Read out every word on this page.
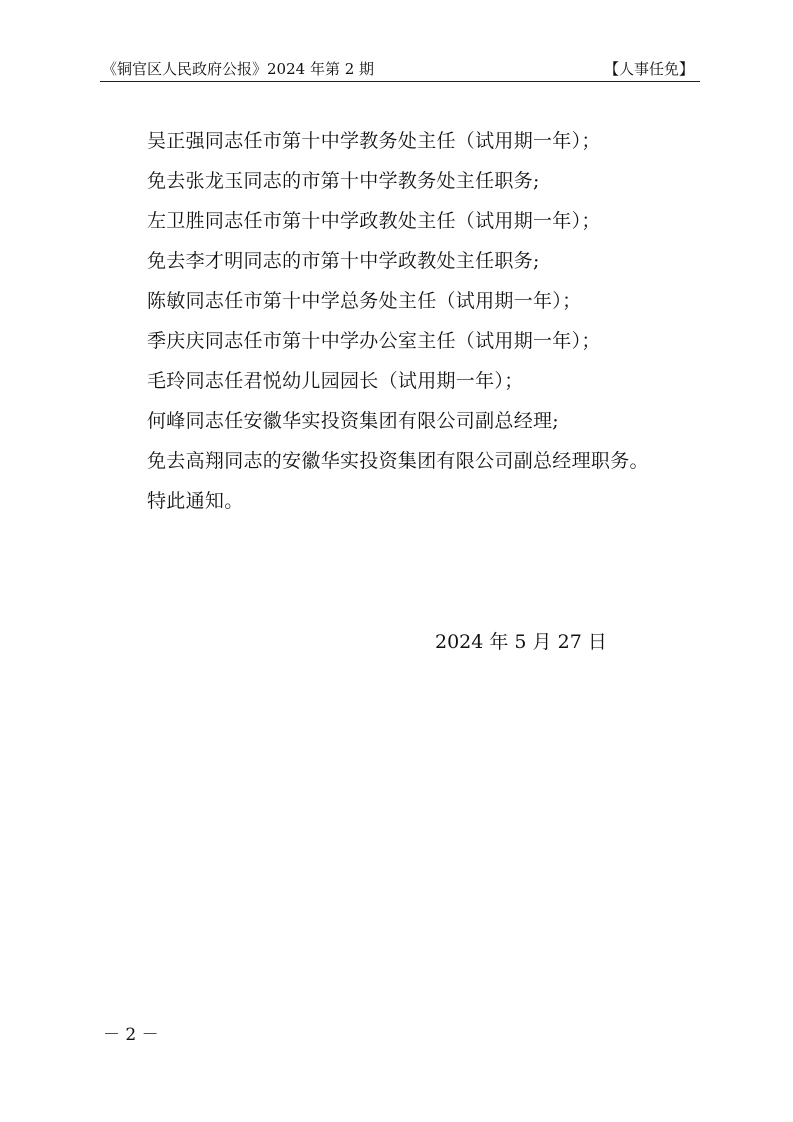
《铜官区人民政府公报》2024 年第 2 期	【人事任免】
吴正强同志任市第十中学教务处主任（试用期一年）；
免去张龙玉同志的市第十中学教务处主任职务;
左卫胜同志任市第十中学政教处主任（试用期一年）；
免去李才明同志的市第十中学政教处主任职务;
陈敏同志任市第十中学总务处主任（试用期一年）；
季庆庆同志任市第十中学办公室主任（试用期一年）；
毛玲同志任君悦幼儿园园长（试用期一年）；
何峰同志任安徽华实投资集团有限公司副总经理;
免去高翔同志的安徽华实投资集团有限公司副总经理职务。
特此通知。
2024 年 5 月 27 日
－ 2 －
